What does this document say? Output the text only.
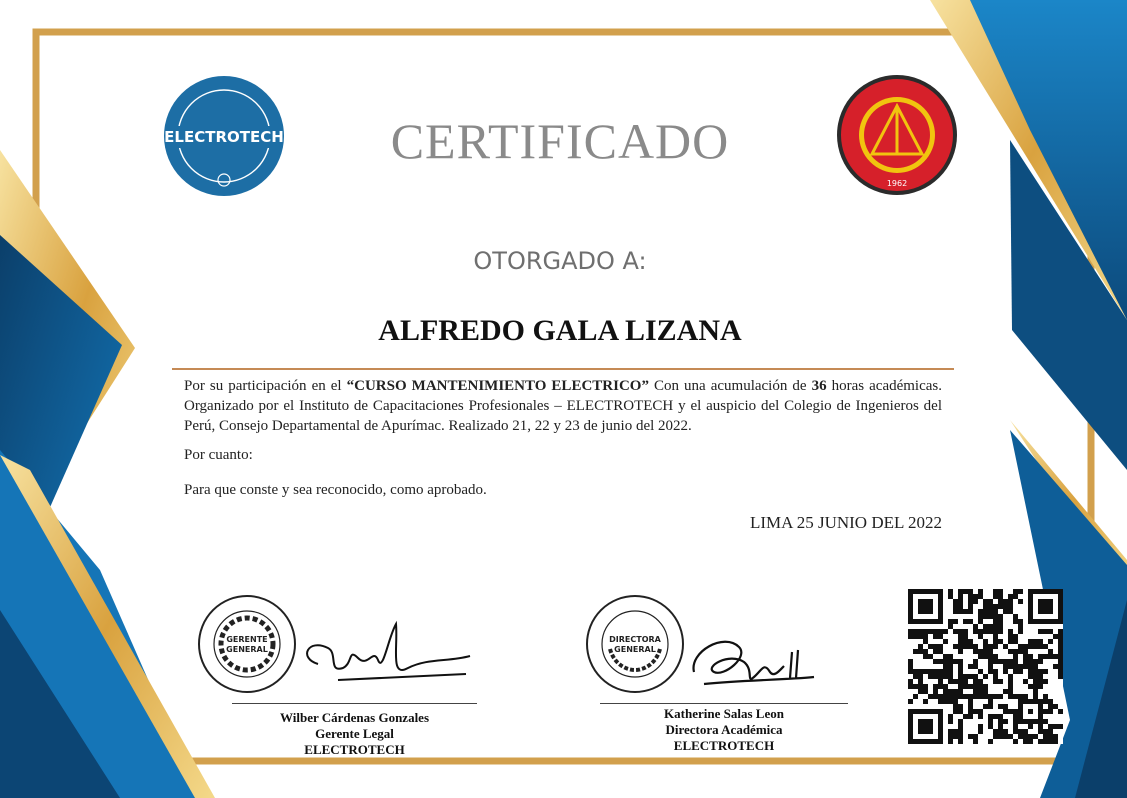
ELECTROTECH
1962
CERTIFICADO
OTORGADO A:
ALFREDO GALA LIZANA

Por su participación en el “CURSO MANTENIMIENTO ELECTRICO” Con una acumulación de 36 horas académicas. Organizado por el Instituto de Capacitaciones Profesionales – ELECTROTECH y el auspicio del Colegio de Ingenieros del Perú, Consejo Departamental de Apurímac. Realizado 21, 22 y 23 de junio del 2022.

Por cuanto:
Para que conste y sea reconocido, como aprobado.
LIMA 25 JUNIO DEL 2022
GERENTE
GENERAL
Wilber Cárdenas Gonzales
Gerente Legal
ELECTROTECH
DIRECTORA
GENERAL
Katherine Salas Leon
Directora Académica
ELECTROTECH
